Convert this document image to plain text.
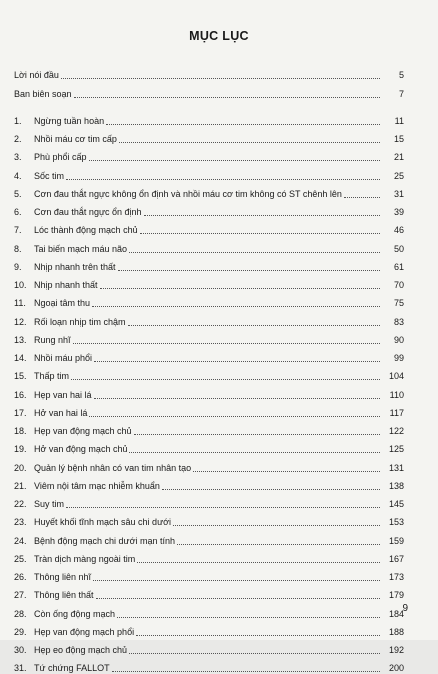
MỤC LỤC
Lời nói đầu	5
Ban biên soạn	7
1.	Ngừng tuần hoàn	11
2.	Nhồi máu cơ tim cấp	15
3.	Phù phổi cấp	21
4.	Sốc tim	25
5.	Cơn đau thắt ngực không ổn định và nhồi máu cơ tim không có ST chênh lên	31
6.	Cơn đau thắt ngực ổn định	39
7.	Lóc thành động mạch chủ	46
8.	Tai biến mạch máu não	50
9.	Nhịp nhanh trên thất	61
10. Nhịp nhanh thất	70
11. Ngoại tâm thu	75
12. Rối loạn nhịp tim chậm	83
13. Rung nhĩ	90
14. Nhồi máu phổi	99
15. Thấp tim	104
16. Hẹp van hai lá	110
17. Hở van hai lá	117
18. Hẹp van động mạch chủ	122
19. Hở van động mạch chủ	125
20. Quản lý bệnh nhân có van tim nhân tạo	131
21. Viêm nội tâm mạc nhiễm khuẩn	138
22. Suy tim	145
23. Huyết khối tĩnh mạch sâu chi dưới	153
24. Bệnh động mạch chi dưới mạn tính	159
25. Tràn dịch màng ngoài tim	167
26. Thông liên nhĩ	173
27. Thông liên thất	179
28. Còn ống động mạch	184
29. Hẹp van động mạch phổi	188
30. Hẹp eo động mạch chủ	192
31. Tứ chứng FALLOT	200
9
